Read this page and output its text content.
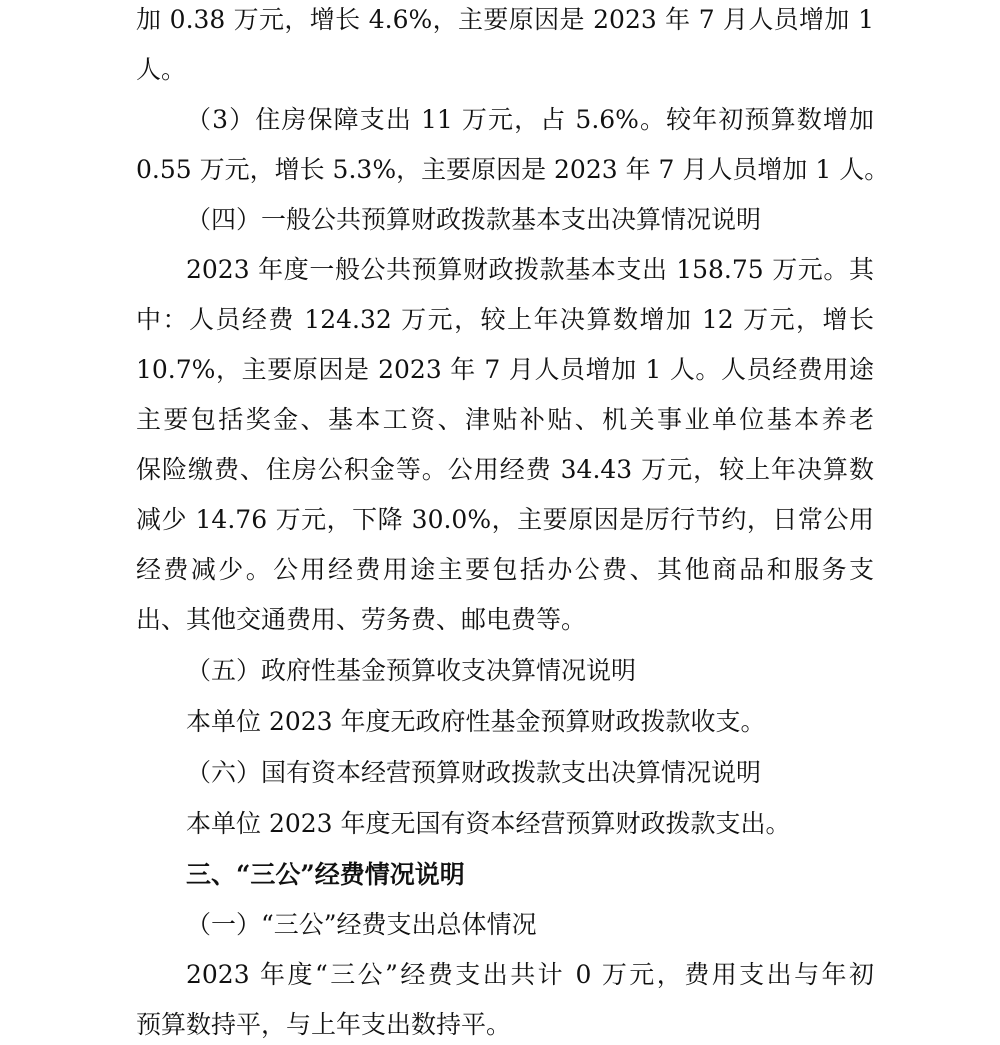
加 0.38 万元，增长 4.6%，主要原因是 2023 年 7 月人员增加 1
人。
（3）住房保障支出 11 万元，占 5.6%。较年初预算数增加
0.55 万元，增长 5.3%，主要原因是 2023 年 7 月人员增加 1 人。
（四）一般公共预算财政拨款基本支出决算情况说明
2023 年度一般公共预算财政拨款基本支出 158.75 万元。其
中：人员经费 124.32 万元，较上年决算数增加 12 万元，增长
10.7%，主要原因是 2023 年 7 月人员增加 1 人。人员经费用途
主要包括奖金、基本工资、津贴补贴、机关事业单位基本养老
保险缴费、住房公积金等。公用经费 34.43 万元，较上年决算数
减少 14.76 万元，下降 30.0%，主要原因是厉行节约，日常公用
经费减少。公用经费用途主要包括办公费、其他商品和服务支
出、其他交通费用、劳务费、邮电费等。
（五）政府性基金预算收支决算情况说明
本单位 2023 年度无政府性基金预算财政拨款收支。
（六）国有资本经营预算财政拨款支出决算情况说明
本单位 2023 年度无国有资本经营预算财政拨款支出。
三、“三公”经费情况说明
（一）“三公”经费支出总体情况
2023 年度“三公”经费支出共计 0 万元，费用支出与年初
预算数持平，与上年支出数持平。
